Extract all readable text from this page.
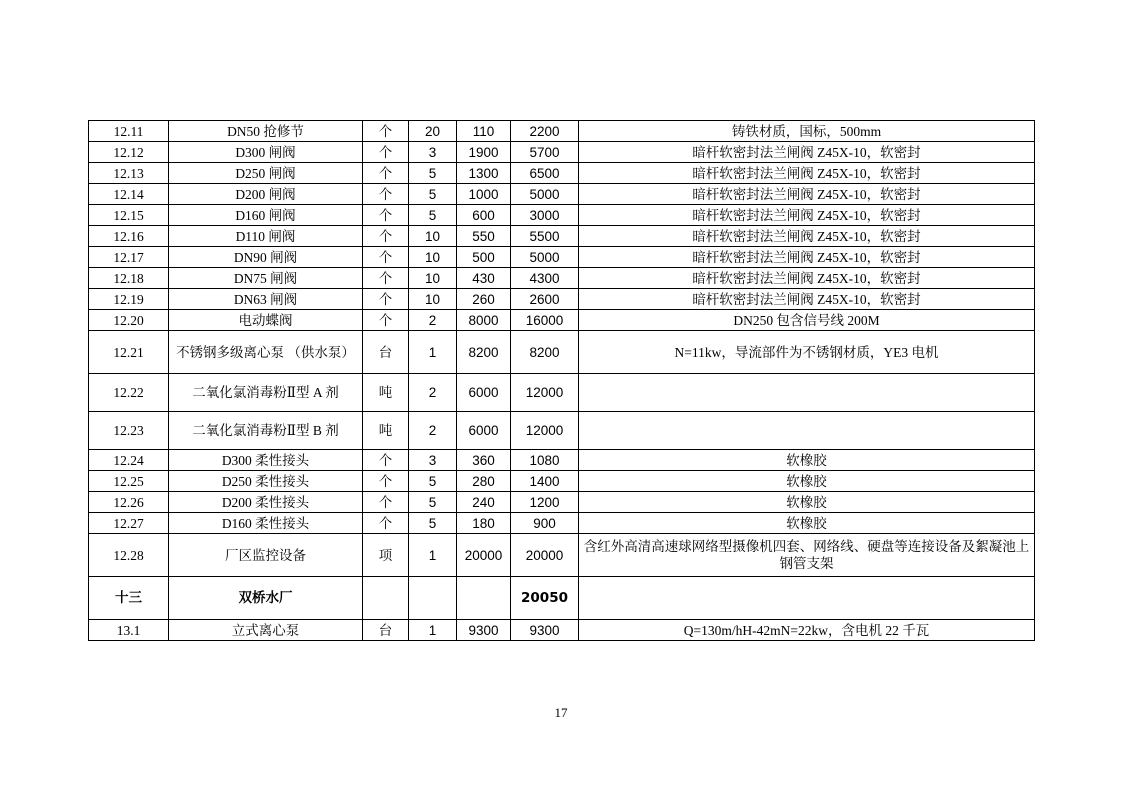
12.11	DN50 抢修节	个	20	110	2200	铸铁材质，国标，500mm
12.12	D300 闸阀	个	3	1900	5700	暗杆软密封法兰闸阀 Z45X-10，软密封
12.13	D250 闸阀	个	5	1300	6500	暗杆软密封法兰闸阀 Z45X-10，软密封
12.14	D200 闸阀	个	5	1000	5000	暗杆软密封法兰闸阀 Z45X-10，软密封
12.15	D160 闸阀	个	5	600	3000	暗杆软密封法兰闸阀 Z45X-10，软密封
12.16	D110 闸阀	个	10	550	5500	暗杆软密封法兰闸阀 Z45X-10，软密封
12.17	DN90 闸阀	个	10	500	5000	暗杆软密封法兰闸阀 Z45X-10，软密封
12.18	DN75 闸阀	个	10	430	4300	暗杆软密封法兰闸阀 Z45X-10，软密封
12.19	DN63 闸阀	个	10	260	2600	暗杆软密封法兰闸阀 Z45X-10，软密封
12.20	电动蝶阀	个	2	8000	16000	DN250 包含信号线 200M
12.21	不锈钢多级离心泵 （供水泵）	台	1	8200	8200	N=11kw，导流部件为不锈钢材质，YE3 电机
12.22	二氧化氯消毒粉Ⅱ型 A 剂	吨	2	6000	12000	
12.23	二氧化氯消毒粉Ⅱ型 B 剂	吨	2	6000	12000	
12.24	D300 柔性接头	个	3	360	1080	软橡胶
12.25	D250 柔性接头	个	5	280	1400	软橡胶
12.26	D200 柔性接头	个	5	240	1200	软橡胶
12.27	D160 柔性接头	个	5	180	900	软橡胶
12.28	厂区监控设备	项	1	20000	20000	含红外高清高速球网络型摄像机四套、网络线、硬盘等连接设备及絮凝池上钢管支架
十三	双桥水厂				20050	
13.1	立式离心泵	台	1	9300	9300	Q=130m/hH-42mN=22kw，含电机 22 千瓦
17
